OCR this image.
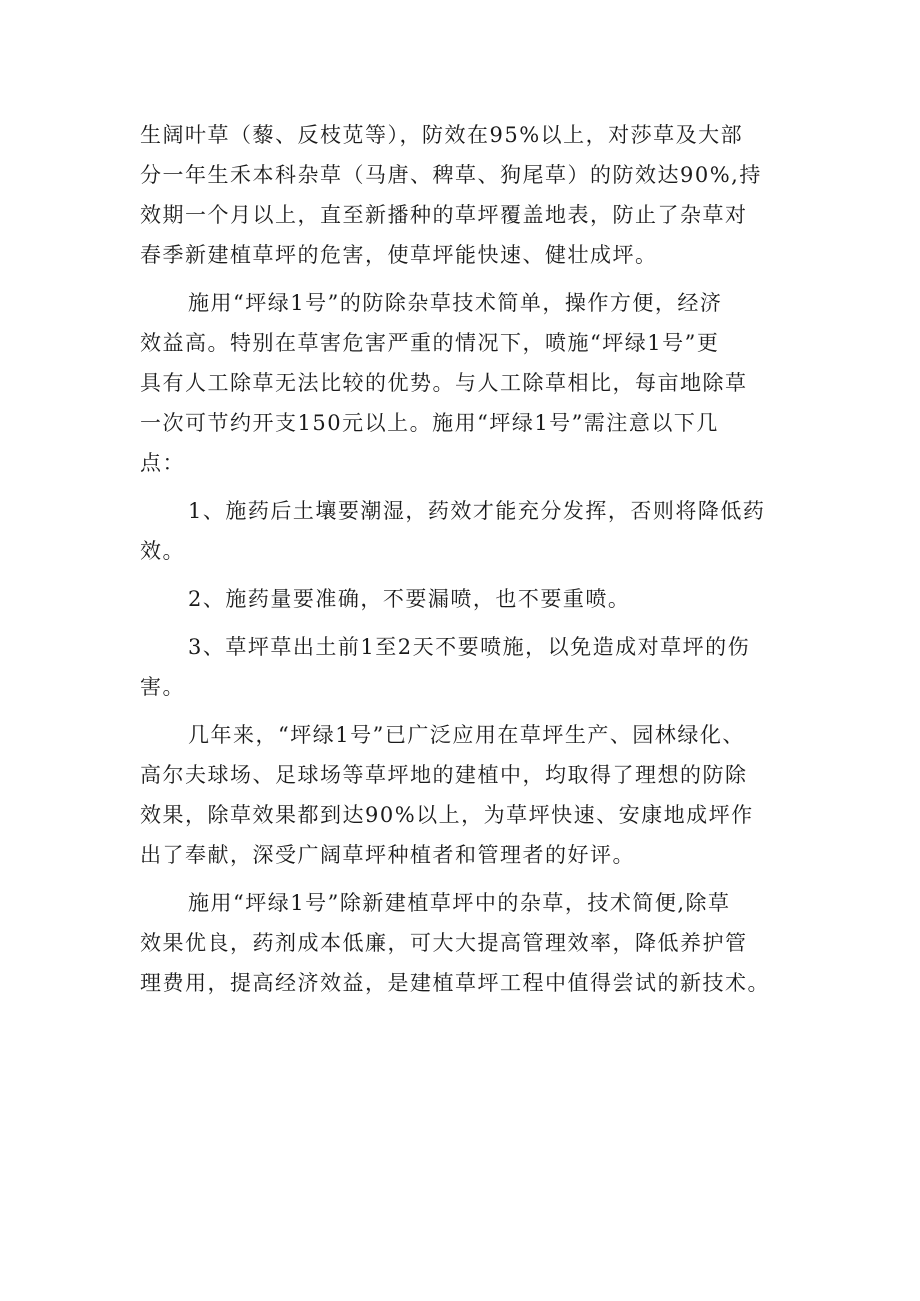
生阔叶草（藜、反枝苋等），防效在95%以上，对莎草及大部
分一年生禾本科杂草（马唐、稗草、狗尾草）的防效达90%,持
效期一个月以上，直至新播种的草坪覆盖地表，防止了杂草对
春季新建植草坪的危害，使草坪能快速、健壮成坪。
施用“坪绿1号”的防除杂草技术简单，操作方便，经济
效益高。特别在草害危害严重的情况下，喷施“坪绿1号”更
具有人工除草无法比较的优势。与人工除草相比，每亩地除草
一次可节约开支150元以上。施用“坪绿1号”需注意以下几
点：
1、施药后土壤要潮湿，药效才能充分发挥，否则将降低药
效。
2、施药量要准确，不要漏喷，也不要重喷。
3、草坪草出土前1至2天不要喷施，以免造成对草坪的伤
害。
几年来，“坪绿1号”已广泛应用在草坪生产、园林绿化、
高尔夫球场、足球场等草坪地的建植中，均取得了理想的防除
效果，除草效果都到达90%以上，为草坪快速、安康地成坪作
出了奉献，深受广阔草坪种植者和管理者的好评。
施用“坪绿1号”除新建植草坪中的杂草，技术简便,除草
效果优良，药剂成本低廉，可大大提高管理效率，降低养护管
理费用，提高经济效益，是建植草坪工程中值得尝试的新技术。
